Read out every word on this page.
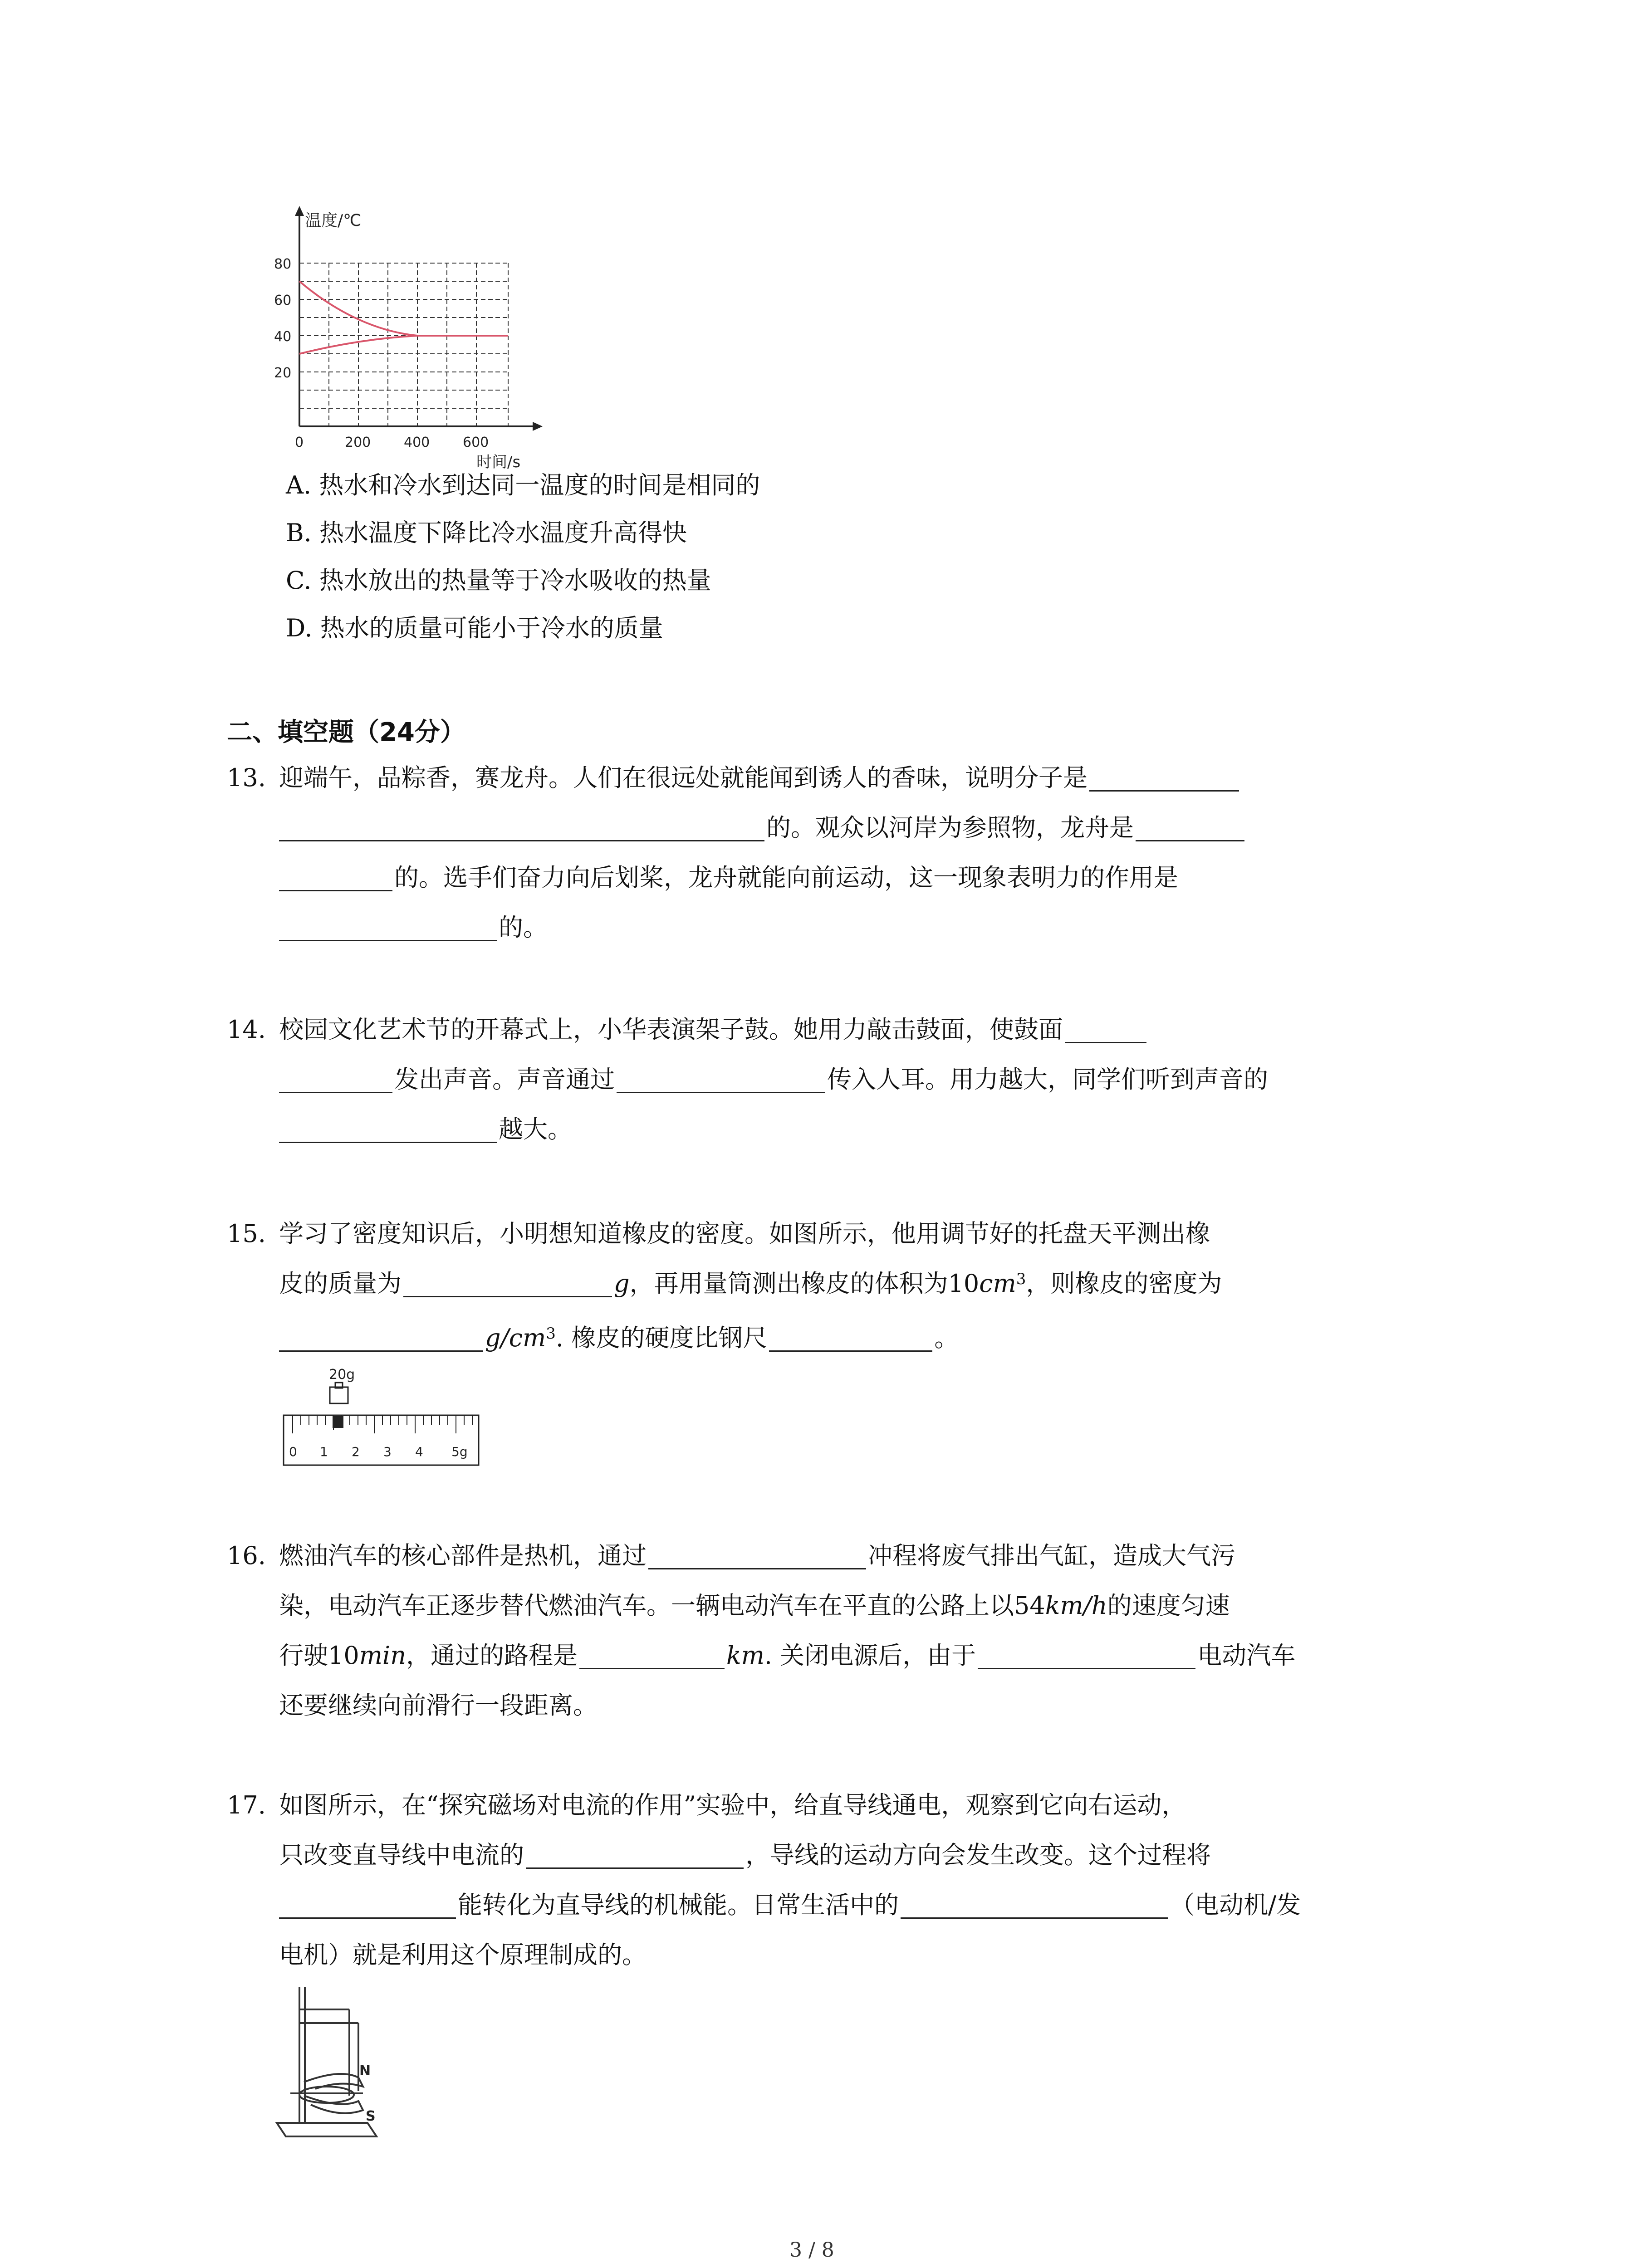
温度/℃
80
60
40
20
0	200 400 600
时间/s
A. 热水和冷水到达同一温度的时间是相同的
B. 热水温度下降比冷水温度升高得快
C. 热水放出的热量等于冷水吸收的热量
D. 热水的质量可能小于冷水的质量
二、填空题（24分）
13. 迎端午，品粽香，赛龙舟。人们在很远处就能闻到诱人的香味，说明分子是
的。观众以河岸为参照物，龙舟是
的。选手们奋力向后划桨，龙舟就能向前运动，这一现象表明力的作用是
的。
14. 校园文化艺术节的开幕式上，小华表演架子鼓。她用力敲击鼓面，使鼓面
发出声音。声音通过	传入人耳。用力越大，同学们听到声音的
越大。
15. 学习了密度知识后，小明想知道橡皮的密度。如图所示，他用调节好的托盘天平测出橡
皮的质量为	g，再用量筒测出橡皮的体积为$10cm^3$，则橡皮的密度为
$g/cm^3$. 橡皮的硬度比钢尺	。
20g
0 1 2 3 4 5g
16. 燃油汽车的核心部件是热机，通过	冲程将废气排出气缸，造成大气污
染，电动汽车正逐步替代燃油汽车。一辆电动汽车在平直的公路上以54km/h的速度匀速
行驶10min，通过的路程是	km. 关闭电源后，由于	电动汽车
还要继续向前滑行一段距离。
17. 如图所示，在“探究磁场对电流的作用”实验中，给直导线通电，观察到它向右运动，
只改变直导线中电流的	，导线的运动方向会发生改变。这个过程将
能转化为直导线的机械能。日常生活中的	（电动机/发
电机）就是利用这个原理制成的。
N
S
3 / 8
